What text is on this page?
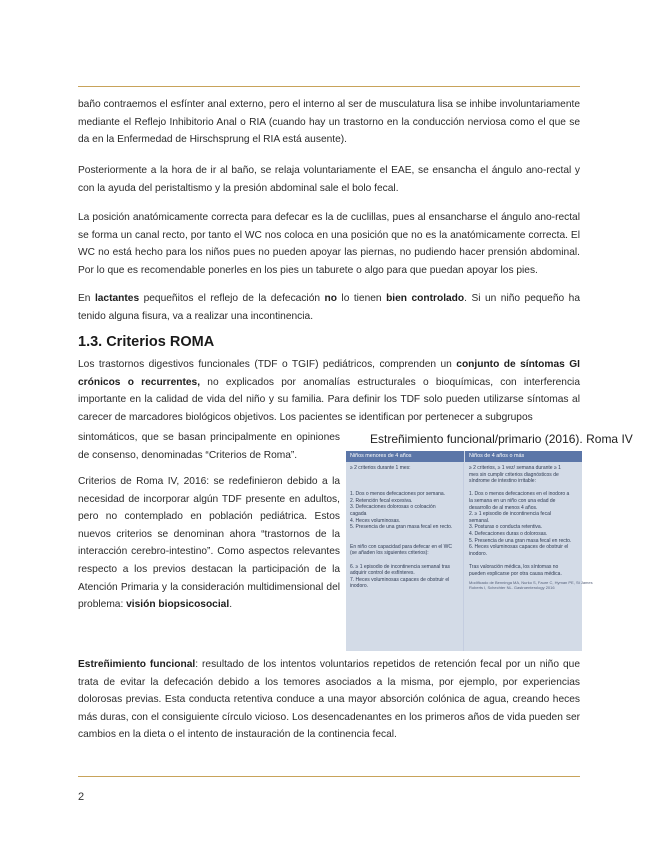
baño contraemos el esfínter anal externo, pero el interno al ser de musculatura lisa se inhibe involuntariamente mediante el Reflejo Inhibitorio Anal o RIA (cuando hay un trastorno en la conducción nerviosa como el que se da en la Enfermedad de Hirschsprung el RIA está ausente).

Posteriormente a la hora de ir al baño, se relaja voluntariamente el EAE, se ensancha el ángulo ano-rectal y con la ayuda del peristaltismo y la presión abdominal sale el bolo fecal.

La posición anatómicamente correcta para defecar es la de cuclillas, pues al ensancharse el ángulo ano-rectal se forma un canal recto, por tanto el WC nos coloca en una posición que no es la anatómicamente correcta. El WC no está hecho para los niños pues no pueden apoyar las piernas, no pudiendo hacer prensión abdominal. Por lo que es recomendable ponerles en los pies un taburete o algo para que puedan apoyar los pies.

En lactantes pequeñitos el reflejo de la defecación no lo tienen bien controlado. Si un niño pequeño ha tenido alguna fisura, va a realizar una incontinencia.

1.3. Criterios ROMA

Los trastornos digestivos funcionales (TDF o TGIF) pediátricos, comprenden un conjunto de síntomas GI crónicos o recurrentes, no explicados por anomalías estructurales o bioquímicas, con interferencia importante en la calidad de vida del niño y su familia. Para definir los TDF solo pueden utilizarse síntomas al carecer de marcadores biológicos objetivos. Los pacientes se identifican por pertenecer a subgrupos

sintomáticos, que se basan principalmente en opiniones de consenso, denominadas “Criterios de Roma”.

Criterios de Roma IV, 2016: se redefinieron debido a la necesidad de incorporar algún TDF presente en adultos, pero no contemplado en población pediátrica. Estos nuevos criterios se denominan ahora “trastornos de la interacción cerebro-intestino”. Como aspectos relevantes respecto a los previos destacan la participación de la Atención Primaria y la consideración multidimensional del problema: visión biopsicosocial.

Estreñimiento funcional/primario (2016). Roma IV
Niños menores de 4 años	Niños de 4 años o más
≥ 2 criterios durante 1 mes:
1. Dos o menos defecaciones por semana.
2. Retención fecal excesiva.
3. Defecaciones dolorosas o coloación
cagada
4. Heces voluminosas.
5. Presencia de una gran masa fecal en recto.
En niño con capacidad para defecar en el WC
(se añaden los siguientes criterios):
6. ≥ 1 episodio de incontinencia semanal tras
adquirir control de esfínteres.
7. Heces voluminosas capaces de obstruir el
inodoro.
≥ 2 criterios, ≥ 1 vez/ semana durante ≥ 1
mes sin cumplir criterios diagnósticos de
síndrome de intestino irritable:
1. Dos o menos defecaciones en el inodoro a
la semana en un niño con una edad de
desarrollo de al menos 4 años.
2. ≥ 1 episodio de incontinencia fecal
semanal.
3. Posturas o conducta retentiva.
4. Defecaciones duras o dolorosas.
5. Presencia de una gran masa fecal en recto.
6. Heces voluminosas capaces de obstruir el
inodoro.
Tras valoración médica, los síntomas no
pueden explicarse por otra causa médica.
Modificado de Benninga MA, Nurko S, Faure C, Hyman PE, St James
Roberts I, Schechter NL. Gastroenterology 2016

Estreñimiento funcional: resultado de los intentos voluntarios repetidos de retención fecal por un niño que trata de evitar la defecación debido a los temores asociados a la misma, por ejemplo, por experiencias dolorosas previas. Esta conducta retentiva conduce a una mayor absorción colónica de agua, creando heces más duras, con el consiguiente círculo vicioso. Los desencadenantes en los primeros años de vida pueden ser cambios en la dieta o el intento de instauración de la continencia fecal.

2
